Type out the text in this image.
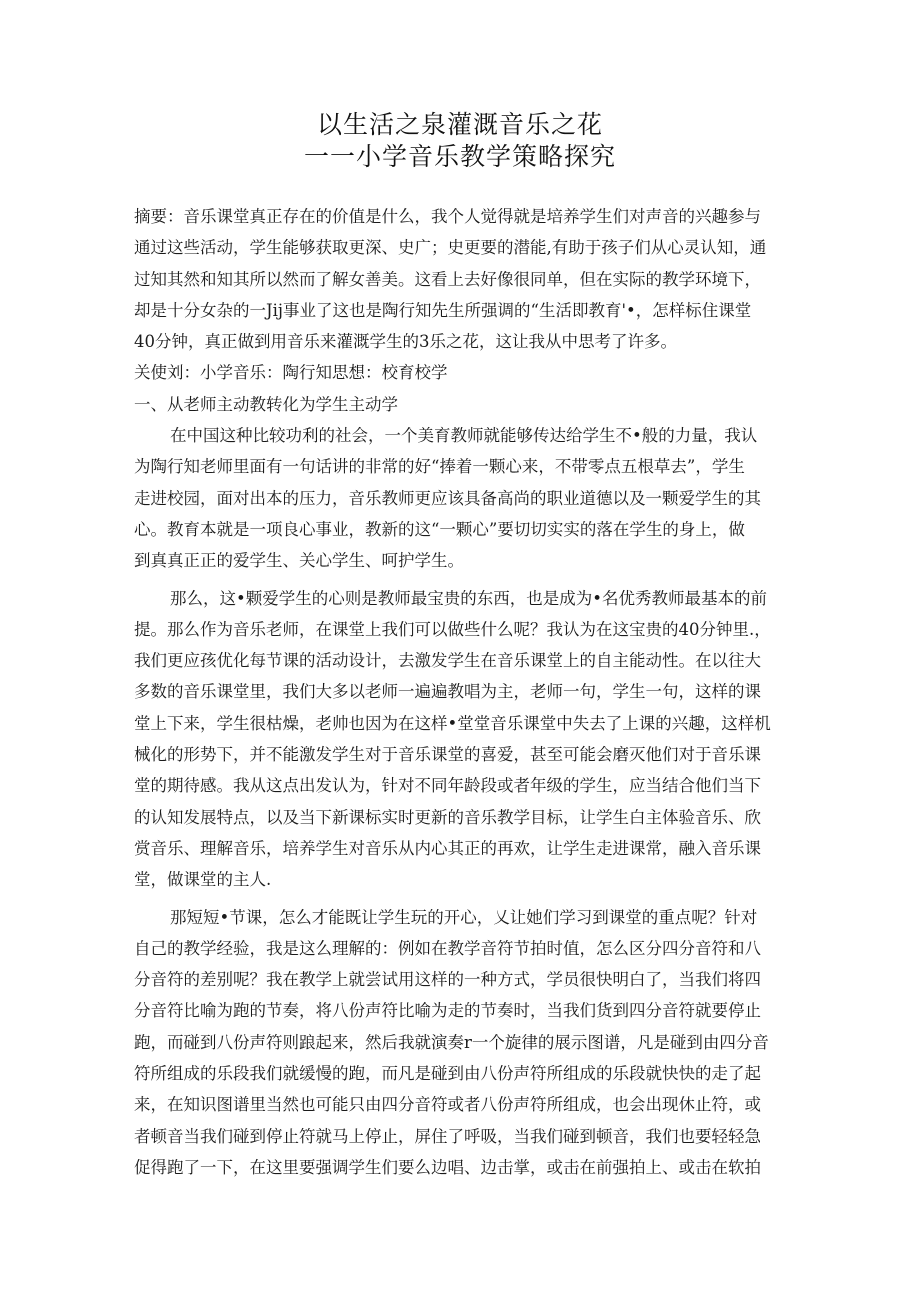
以生活之泉灌溉音乐之花
一一小学音乐教学策略探究
摘要：音乐课堂真正存在的价值是什么，我个人觉得就是培养学生们对声音的兴趣参与
通过这些活动，学生能够获取更深、史广；史更要的潜能,有助于孩子们从心灵认知，通
过知其然和知其所以然而了解女善美。这看上去好像很同单，但在实际的教学环境下，
却是十分女杂的一Jij事业了这也是陶行知先生所强调的“生活即教育'•，怎样标住课堂
40分钟，真正做到用音乐来灌溉学生的3乐之花，这让我从中思考了许多。
关使刘：小学音乐：陶行知思想：校育校学
一、从老师主动教转化为学生主动学
在中国这种比较功利的社会，一个美育教师就能够传达给学生不•般的力量，我认
为陶行知老师里面有一句话讲的非常的好“捧着一颗心来，不带零点五根草去”，学生
走进校园，面对出本的压力，音乐教师更应该具备高尚的职业道德以及一颗爱学生的其
心。教育本就是一项良心事业，教新的这“一颗心”要切切实实的落在学生的身上，做
到真真正正的爱学生、关心学生、呵护学生。
那么，这•颗爱学生的心则是教师最宝贵的东西，也是成为•名优秀教师最基本的前
提。那么作为音乐老师，在课堂上我们可以做些什么呢？我认为在这宝贵的40分钟里.，
我们更应孩优化每节课的活动设计，去激发学生在音乐课堂上的自主能动性。在以往大
多数的音乐课堂里，我们大多以老师一遍遍教唱为主，老师一句，学生一句，这样的课
堂上下来，学生很枯燥，老帅也因为在这样•堂堂音乐课堂中失去了上课的兴趣，这样机
械化的形势下，并不能激发学生对于音乐课堂的喜爱，甚至可能会磨灭他们对于音乐课
堂的期待感。我从这点出发认为，针对不同年龄段或者年级的学生，应当结合他们当下
的认知发展特点，以及当下新课标实时更新的音乐教学目标，让学生白主体验音乐、欣
赏音乐、理解音乐，培养学生对音乐从内心其正的再欢，让学生走进课常，融入音乐课
堂，做课堂的主人.
那短短•节课，怎么才能既让学生玩的开心，乂让她们学习到课堂的重点呢？针对
自己的教学经验，我是这么理解的：例如在教学音符节拍时值，怎么区分四分音符和八
分音符的差别呢？我在教学上就尝试用这样的一种方式，学员很快明白了，当我们将四
分音符比喻为跑的节奏，将八份声符比喻为走的节奏时，当我们货到四分音符就要停止
跑，而碰到八份声符则踉起来，然后我就演奏r一个旋律的展示图谱，凡是碰到由四分音
符所组成的乐段我们就缓慢的跑，而凡是碰到由八份声符所组成的乐段就快快的走了起
来，在知识图谱里当然也可能只由四分音符或者八份声符所组成，也会出现休止符，或
者顿音当我们碰到停止符就马上停止，屏住了呼吸，当我们碰到顿音，我们也要轻轻急
促得跑了一下，在这里要强调学生们要么边唱、边击掌，或击在前强拍上、或击在软拍
